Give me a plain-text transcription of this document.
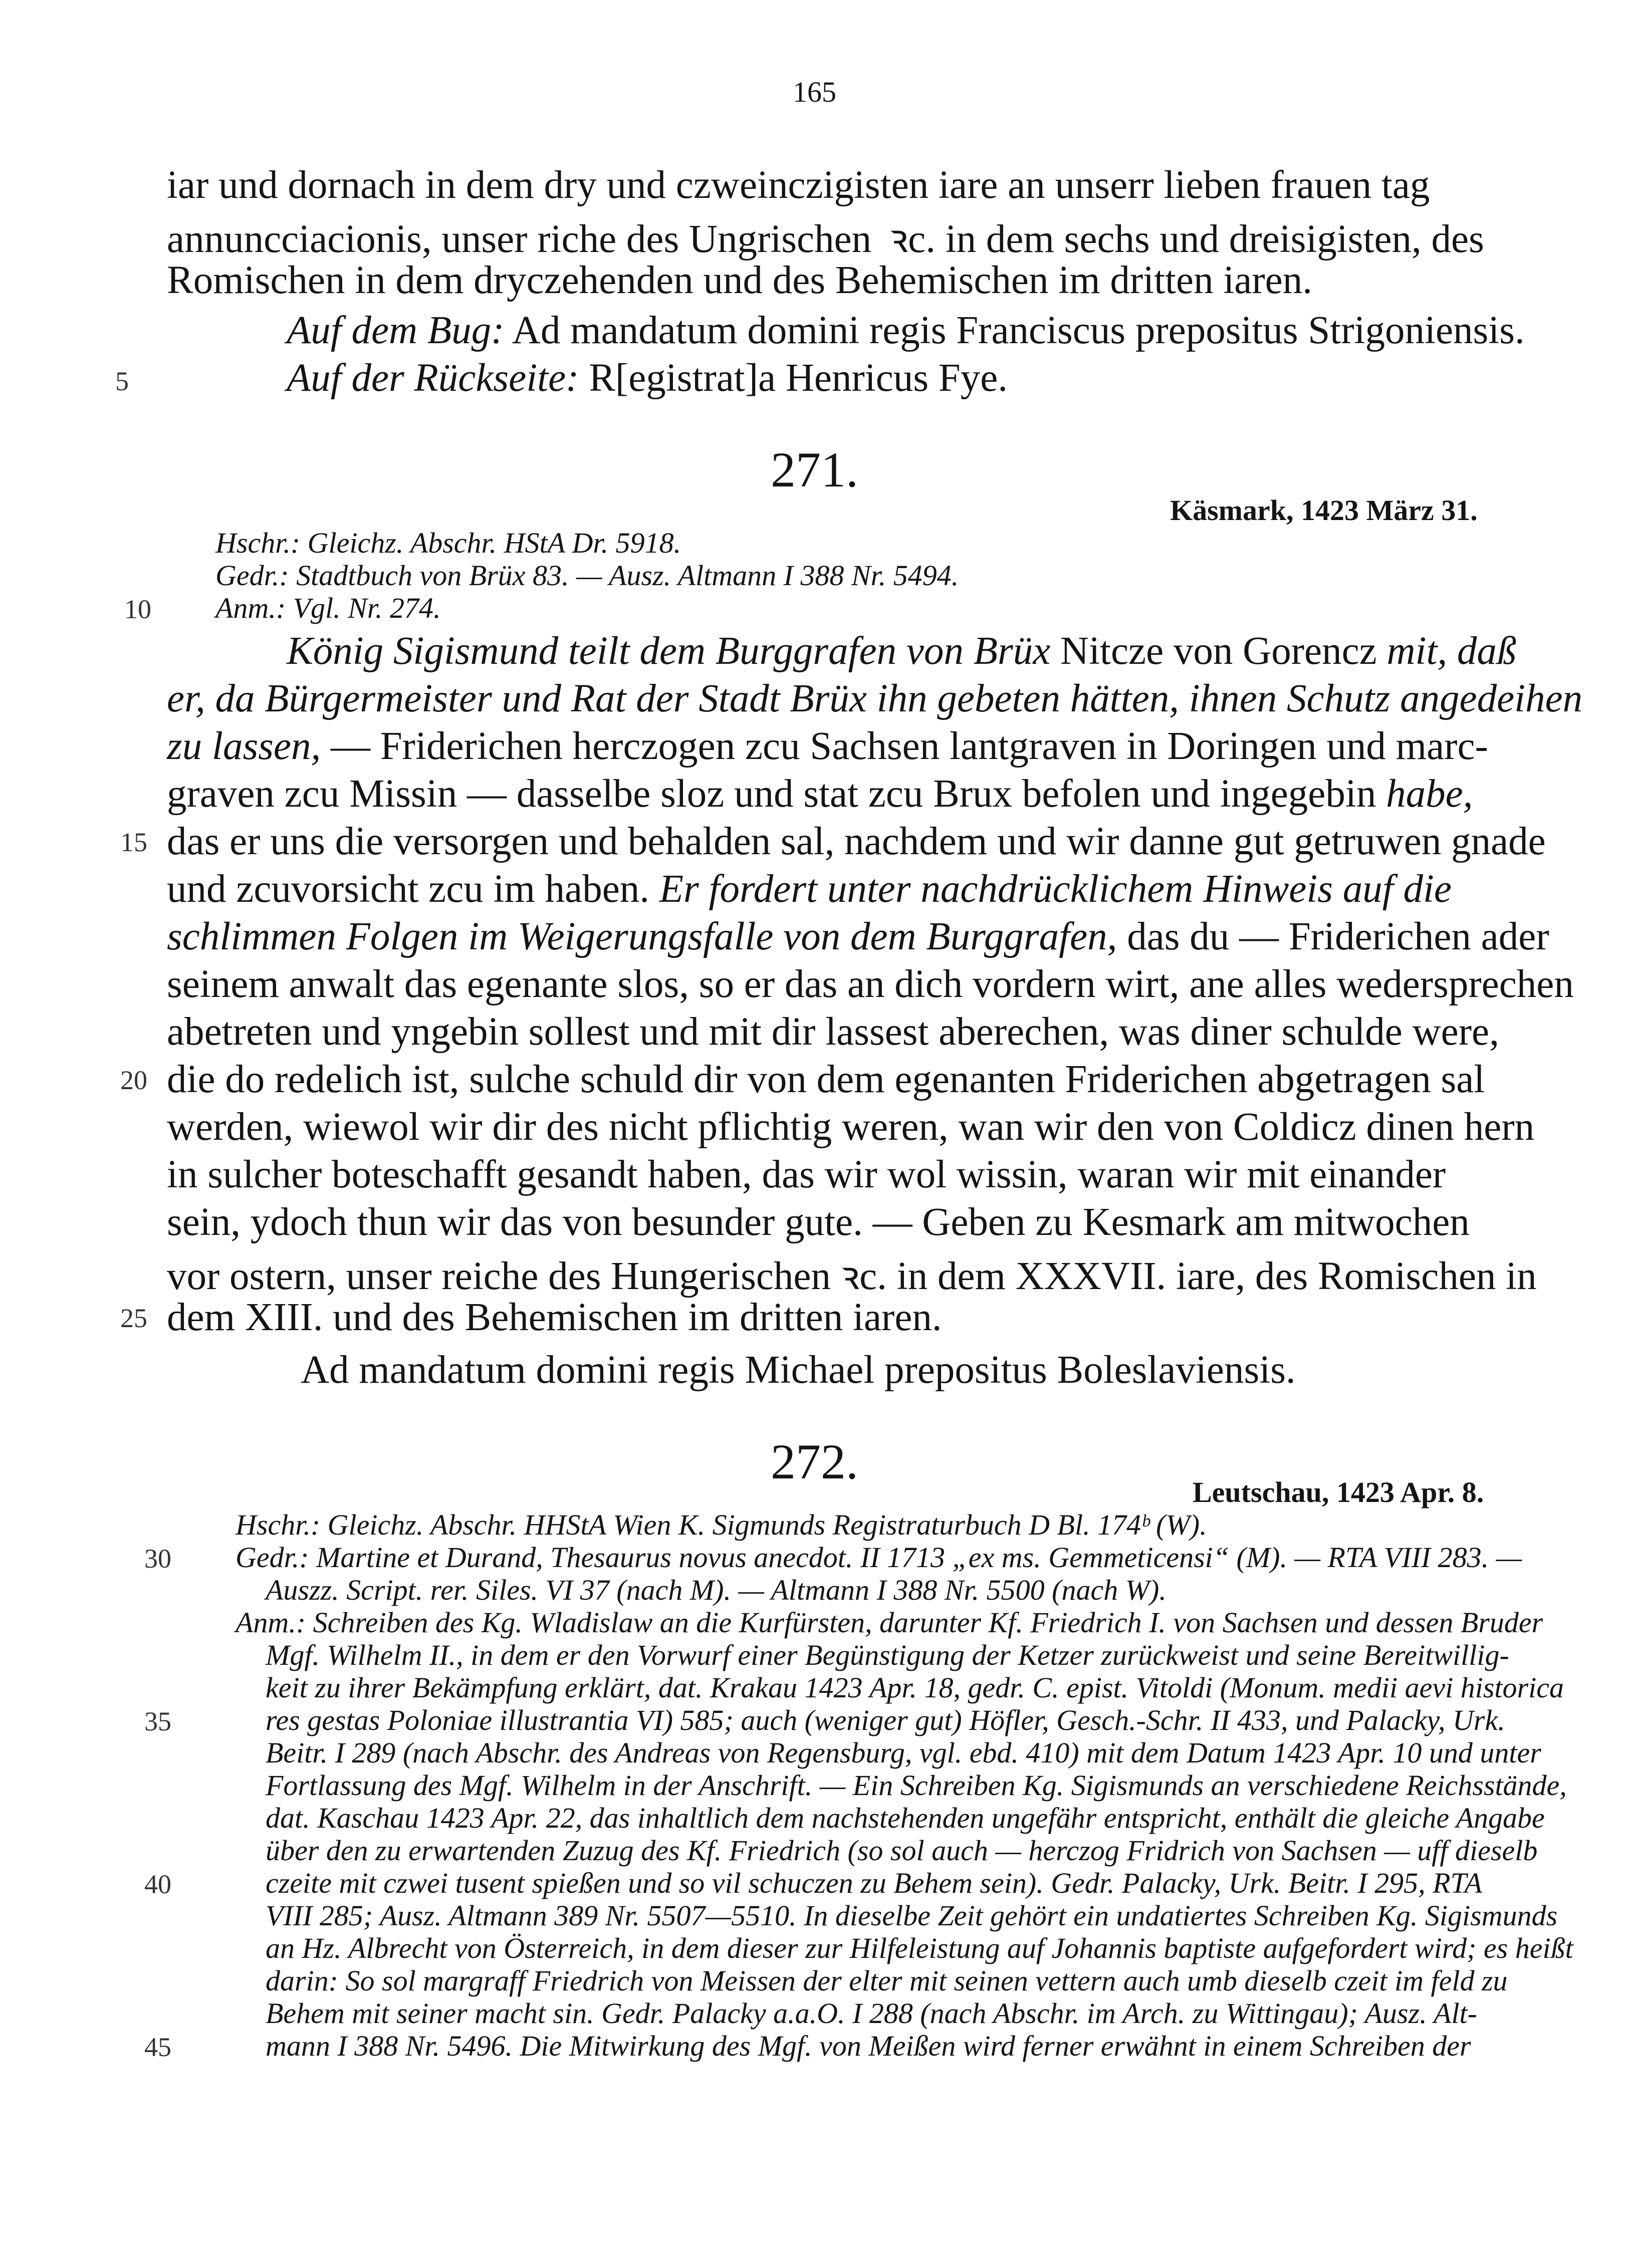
165
iar und dornach in dem dry und czweinczigisten iare an unserr lieben frauen tag
annuncciacionis, unser riche des Ungrischen  ꝛc. in dem sechs und dreisigisten, des
Romischen in dem dryczehenden und des Behemischen im dritten iaren.
Auf dem Bug: Ad mandatum domini regis Franciscus prepositus Strigoniensis.
5	Auf der Rückseite: R[egistrat]a Henricus Fye.
271.
Käsmark, 1423 März 31.
Hschr.: Gleichz. Abschr. HStA Dr. 5918.
Gedr.: Stadtbuch von Brüx 83. — Ausz. Altmann I 388 Nr. 5494.
10 Anm.: Vgl. Nr. 274.
König Sigismund teilt dem Burggrafen von Brüx Nitcze von Gorencz mit, daß
er, da Bürgermeister und Rat der Stadt Brüx ihn gebeten hätten, ihnen Schutz angedeihen
zu lassen, — Friderichen herczogen zcu Sachsen lantgraven in Doringen und marc-
graven zcu Missin — dasselbe sloz und stat zcu Brux befolen und ingegebin habe,
15 das er uns die versorgen und behalden sal, nachdem und wir danne gut getruwen gnade
und zcuvorsicht zcu im haben. Er fordert unter nachdrücklichem Hinweis auf die
schlimmen Folgen im Weigerungsfalle von dem Burggrafen, das du — Friderichen ader
seinem anwalt das egenante slos, so er das an dich vordern wirt, ane alles wedersprechen
abetreten und yngebin sollest und mit dir lassest aberechen, was diner schulde were,
20 die do redelich ist, sulche schuld dir von dem egenanten Friderichen abgetragen sal
werden, wiewol wir dir des nicht pflichtig weren, wan wir den von Coldicz dinen hern
in sulcher boteschafft gesandt haben, das wir wol wissin, waran wir mit einander
sein, ydoch thun wir das von besunder gute. — Geben zu Kesmark am mitwochen
vor ostern, unser reiche des Hungerischen ꝛc. in dem XXXVII. iare, des Romischen in
25 dem XIII. und des Behemischen im dritten iaren.
Ad mandatum domini regis Michael prepositus Boleslaviensis.
272.
Leutschau, 1423 Apr. 8.
Hschr.: Gleichz. Abschr. HHStA Wien K. Sigmunds Registraturbuch D Bl. 174ᵇ (W).
30 Gedr.: Martine et Durand, Thesaurus novus anecdot. II 1713 „ex ms. Gemmeticensi“ (M). — RTA VIII 283. —
Auszz. Script. rer. Siles. VI 37 (nach M). — Altmann I 388 Nr. 5500 (nach W).
Anm.: Schreiben des Kg. Wladislaw an die Kurfürsten, darunter Kf. Friedrich I. von Sachsen und dessen Bruder
Mgf. Wilhelm II., in dem er den Vorwurf einer Begünstigung der Ketzer zurückweist und seine Bereitwillig-
keit zu ihrer Bekämpfung erklärt, dat. Krakau 1423 Apr. 18, gedr. C. epist. Vitoldi (Monum. medii aevi historica
35	res gestas Poloniae illustrantia VI) 585; auch (weniger gut) Höfler, Gesch.-Schr. II 433, und Palacky, Urk.
Beitr. I 289 (nach Abschr. des Andreas von Regensburg, vgl. ebd. 410) mit dem Datum 1423 Apr. 10 und unter
Fortlassung des Mgf. Wilhelm in der Anschrift. — Ein Schreiben Kg. Sigismunds an verschiedene Reichsstände,
dat. Kaschau 1423 Apr. 22, das inhaltlich dem nachstehenden ungefähr entspricht, enthält die gleiche Angabe
über den zu erwartenden Zuzug des Kf. Friedrich (so sol auch — herczog Fridrich von Sachsen — uff dieselb
40	czeite mit czwei tusent spießen und so vil schuczen zu Behem sein). Gedr. Palacky, Urk. Beitr. I 295, RTA
VIII 285; Ausz. Altmann 389 Nr. 5507—5510. In dieselbe Zeit gehört ein undatiertes Schreiben Kg. Sigismunds
an Hz. Albrecht von Österreich, in dem dieser zur Hilfeleistung auf Johannis baptiste aufgefordert wird; es heißt
darin: So sol margraff Friedrich von Meissen der elter mit seinen vettern auch umb dieselb czeit im feld zu
Behem mit seiner macht sin. Gedr. Palacky a.a.O. I 288 (nach Abschr. im Arch. zu Wittingau); Ausz. Alt-
45	mann I 388 Nr. 5496. Die Mitwirkung des Mgf. von Meißen wird ferner erwähnt in einem Schreiben der
